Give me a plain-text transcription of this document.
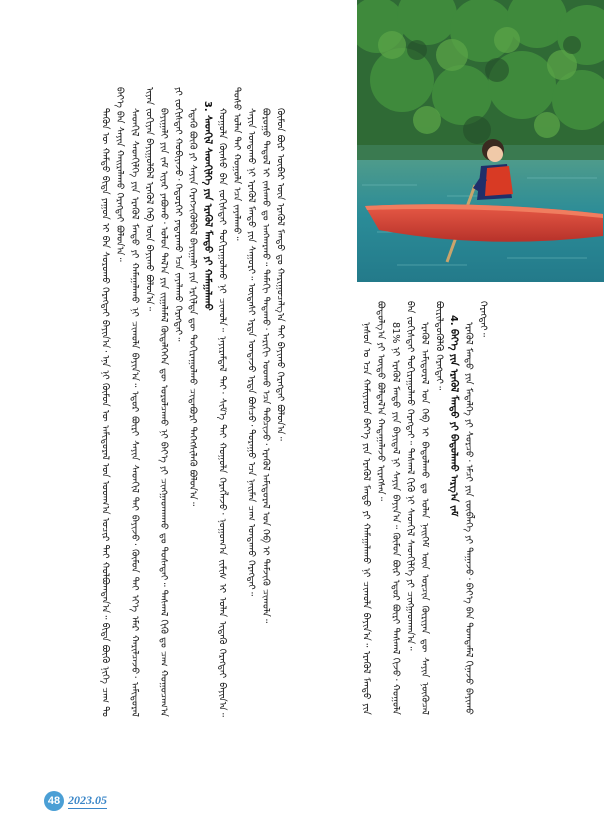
ᠲᠡᠭᠦᠨ ᠦ ᠬᠠᠮᠲᠤ ᠪᠢᠳᠡ ᠶᠠᠭᠤᠨ ᠢ ᠪᠡᠨ ᠰᠤᠷᠤᠬᠤ ᠬᠡᠷᠡᠭᠲᠡᠢ ᠪᠠᠶᠢᠨ᠎ᠠ᠂ ᠡᠨᠡ ᠨᠢ ᠬᠦᠮᠦᠨ ᠦ ᠠᠮᠢᠳᠤᠷᠠᠯ ᠤᠨ ᠤᠳᠬ᠎ᠠ ᠤᠴᠢᠷ ᠲᠠᠢ ᠬᠣᠯᠪᠣᠭᠳᠠᠨ᠎ᠠ᠃ ᠪᠢᠳᠡ ᠪᠦᠬᠦ ᠨᠢᠭᠡ ᠴᠠᠭ ᠲᠤ ᠪᠡᠶ᠎ᠡ ᠪᠡᠨ ᠰᠠᠶᠢᠨ ᠬᠠᠢᠷᠠᠯᠠᠬᠤ ᠬᠡᠷᠡᠭᠲᠡᠢ ᠪᠣᠯᠤᠨ᠎ᠠ᠃ ᠰᠡᠳᠬᠢᠯ ᠰᠡᠳᠬᠢᠯᠭᠡ ᠶᠢᠨ ᠡᠷᠡᠭᠦᠯ ᠮᠡᠨᠳᠦ ᠶᠢ ᠬᠠᠮᠠᠭᠠᠯᠠᠬᠤ ᠨᠢ ᠴᠢᠬᠤᠯᠠ ᠪᠠᠶᠢᠨ᠎ᠠ᠃ ᠡᠳᠦᠷ ᠪᠦᠷᠢ ᠰᠠᠶᠢᠨ ᠰᠡᠳᠬᠢᠯ ᠲᠡᠢ ᠪᠠᠶᠢᠵᠤ᠂ ᠬᠦᠮᠦᠨ ᠲᠡᠢ ᠡᠶ᠎ᠡ ᠡᠮᠡᠷ ᠬᠠᠷᠢᠯᠴᠠᠵᠤ᠂ ᠠᠮᠢᠳᠤᠷᠠᠯ ᠢᠶᠠᠨ ᠵᠣᠬᠢᠶᠠᠨ ᠪᠠᠶᠢᠭᠤᠯᠪᠠᠯ ᠡᠷᠡᠭᠦᠯ ᠬᠡᠪ ᠦᠨ ᠪᠠᠶᠢᠬᠤ ᠪᠣᠯᠤᠨ᠎ᠠ᠃ ᠪᠠᠶᠢᠭᠠᠯᠢ ᠶᠢᠨ ᠵᠠᠮ ᠢᠶᠠᠷ ᠶᠠᠪᠤᠬᠤ᠂ ᠤᠯᠤᠨ ᠲᠠᠯ᠎ᠠ ᠶᠢᠨ ᠵᠢᠭᠠᠯᠠᠮᠠᠯ ᠬᠥᠳᠡᠯᠭᠡᠭᠡᠨ ᠳᠦ ᠣᠷᠤᠯᠴᠠᠬᠤ ᠨᠢ ᠪᠡᠶ᠎ᠡ ᠶᠢ ᠴᠢᠩᠭᠠᠳᠬᠠᠬᠤ ᠳᠤ ᠲᠤᠰᠠᠲᠠᠢ᠃ ᠳᠠᠰᠬᠠᠯ ᠬᠢᠬᠦ ᠳᠤ ᠴᠠᠭ ᠬᠤᠭᠤᠴᠠᠭ᠎ᠠ ᠶᠢ ᠵᠣᠬᠢᠰᠲᠠᠢ ᠬᠤᠪᠢᠶᠠᠵᠤ᠂ ᠬᠡᠲᠦᠷᠬᠡᠢ ᠶᠠᠳᠠᠷᠠᠬᠤ ᠡᠴᠡ ᠵᠠᠶᠠᠯᠠᠬᠤ ᠬᠡᠷᠡᠭᠲᠡᠢ᠃ ᠡᠳᠡᠬᠦ ᠪᠦᠬᠦ ᠶᠢ ᠰᠠᠶᠢᠨ ᠬᠡᠷᠡᠭᠵᠢᠭᠦᠯᠪᠡᠯ ᠪᠠᠶᠢᠭᠠᠯᠢ ᠶᠢᠨ ᠡᠷᠭᠢᠯᠲᠡ ᠳᠦ ᠲᠣᠬᠢᠷᠠᠭᠤᠯᠬᠤ ᠴᠢᠳᠠᠪᠤᠷᠢ ᠳᠡᠭᠡᠭᠰᠢᠯᠡᠬᠦ ᠪᠣᠯᠤᠨ᠎ᠠ᠃ 3. ᠰᠡᠳᠬᠢᠯ ᠰᠡᠳᠬᠢᠯᠭᠡ ᠶᠢᠨ ᠡᠷᠡᠭᠦᠯ ᠮᠡᠨᠳᠦ ᠶᠢ ᠬᠠᠮᠠᠭᠠᠯᠠᠬᠤ ᠬᠣᠭᠣᠯᠠ ᠬᠦᠨᠰᠦ ᠪᠡᠨ ᠵᠣᠬᠢᠰᠲᠠᠢ ᠲᠣᠬᠢᠷᠠᠭᠤᠯᠬᠤ ᠨᠢ ᠴᠢᠬᠤᠯᠠ᠃ ᠨᠠᠶᠢᠷᠠᠮᠳᠠᠯ ᠲᠡᠢ᠂ ᠰᠢᠮ᠎ᠡ ᠲᠡᠢ ᠬᠣᠭᠣᠯᠠ ᠬᠡᠷᠡᠭᠯᠡᠵᠦ᠂ ᠨᠣᠭᠣᠭ᠎ᠠ ᠵᠢᠮᠢᠰ ᠢ ᠣᠯᠠᠨ ᠢᠳᠡᠬᠦ ᠬᠡᠷᠡᠭᠲᠡᠢ ᠪᠠᠶᠢᠨ᠎ᠠ᠃ ᠲᠣᠰᠣ ᠣᠯᠠᠨ ᠲᠠᠢ ᠬᠣᠭᠣᠯᠠ ᠡᠴᠡ ᠵᠠᠶᠠᠯᠠᠬᠤ᠃ ᠰᠠᠶᠢᠨ ᠤᠨᠲᠠᠬᠤ ᠨᠢ ᠡᠷᠡᠭᠦᠯ ᠮᠡᠨᠳᠦ ᠶᠢᠨ ᠰᠠᠭᠤᠷᠢ᠃ ᠦᠳᠡᠰᠢ ᠡᠷᠳᠡ ᠤᠨᠲᠠᠵᠤ ᠡᠷᠲᠡ ᠪᠣᠰᠴᠤ᠂ ᠳᠤᠷᠠᠭᠤ ᠡᠴᠡ ᠨᠠᠢᠮᠠᠨ ᠴᠠᠭ ᠤᠨᠲᠠᠬᠤ ᠬᠡᠷᠡᠭᠲᠡᠢ᠃ ᠪᠤᠷᠤᠭᠤ ᠳᠠᠳᠤᠯ ᠢ ᠵᠠᠰᠠᠬᠤ ᠳᠤ ᠠᠩᠬᠠᠷᠬᠤ᠃ ᠲᠠᠮᠠᠬᠢ ᠲᠠᠲᠠᠬᠤ᠂ ᠠᠷᠢᠬᠢ ᠤᠤᠬᠤ ᠡᠴᠡ ᠲᠡᠪᠴᠢᠵᠦ᠂ ᠡᠷᠡᠭᠦᠯ ᠠᠮᠢᠳᠤᠷᠠᠯ ᠤᠨ ᠬᠡᠪ ᠢ ᠳᠡᠮᠵᠢᠬᠦ ᠴᠢᠬᠤᠯᠠ᠃ ᠬᠦᠮᠦᠨ ᠪᠦᠷ ᠥᠪᠡᠷ ᠦᠨ ᠡᠷᠡᠭᠦᠯ ᠮᠡᠨᠳᠦ ᠳᠤ ᠬᠠᠷᠢᠭᠤᠴᠠᠯᠭ᠎ᠠ ᠲᠠᠢ ᠪᠠᠶᠢᠬᠤ ᠬᠡᠷᠡᠭᠲᠡᠢ ᠪᠣᠯᠤᠨ᠎ᠠ᠃

ᠨᠠᠰᠤᠨ ᠤ ᠡᠴᠡ ᠬᠠᠮᠢᠶᠠᠷᠤᠨ ᠪᠡᠶ᠎ᠡ ᠶᠢᠨ ᠡᠷᠡᠭᠦᠯ ᠮᠡᠨᠳᠦ ᠶᠢ ᠬᠠᠮᠠᠭᠠᠯᠠᠬᠤ ᠨᠢ ᠴᠢᠬᠤᠯᠠ ᠪᠠᠶᠢᠨ᠎ᠠ᠃ ᠡᠷᠡᠭᠦᠯ ᠮᠡᠨᠳᠦ ᠶᠢᠨ ᠪᠣᠳᠣᠯᠭ᠎ᠠ ᠶᠢ ᠥᠳᠦ ᠪᠣᠯᠲᠠᠯ᠎ᠠ ᠬᠠᠳᠠᠭᠠᠯᠠᠵᠤ ᠢᠷᠡᠭᠰᠡᠨ᠃ 81% ᠨᠢ ᠡᠷᠡᠭᠦᠯ ᠮᠡᠨᠳᠦ ᠶᠢᠨ ᠪᠠᠶᠢᠳᠠᠯ ᠨᠢ ᠰᠠᠶᠢᠨ ᠪᠠᠶᠢᠨ᠎ᠠ᠃ ᠬᠦᠮᠦᠨ ᠪᠦᠷ ᠡᠳᠦᠷ ᠪᠦᠷᠢ ᠳᠠᠰᠬᠠᠯ ᠬᠢᠵᠦ᠂ ᠬᠣᠭᠣᠯᠠ ᠪᠡᠨ ᠵᠣᠬᠢᠰᠲᠠᠢ ᠲᠣᠬᠢᠷᠠᠭᠤᠯᠬᠤ ᠬᠡᠷᠡᠭᠲᠡᠢ᠃ ᠳᠠᠰᠬᠠᠯ ᠬᠢᠬᠦ ᠨᠢ ᠰᠡᠳᠬᠢᠯ ᠰᠡᠳᠬᠢᠯᠭᠡ ᠶᠢ ᠴᠢᠩᠭᠠᠳᠬᠠᠨ᠎ᠠ᠃ ᠡᠷᠡᠭᠦᠯ ᠠᠮᠢᠳᠤᠷᠠᠯ ᠤᠨ ᠬᠡᠪ ᠢ ᠪᠠᠲᠤᠯᠠᠬᠤ ᠳᠤ ᠣᠯᠠᠨ ᠨᠡᠢᠭᠡᠮ ᠦᠨ ᠣᠷᠴᠢᠨ ᠬᠦᠷᠢᠶᠡᠨ ᠳᠦ ᠰᠠᠶᠢᠨ ᠨᠥᠬᠦᠴᠡᠯ ᠪᠦᠷᠢᠯᠳᠦᠭᠦᠯᠬᠦ ᠬᠡᠷᠡᠭᠲᠡᠢ᠃ 4. ᠪᠡᠶ᠎ᠡ ᠶᠢᠨ ᠡᠷᠡᠭᠦᠯ ᠮᠡᠨᠳᠦ ᠶᠢ ᠪᠠᠲᠤᠯᠠᠬᠤ ᠠᠷᠭ᠎ᠠ ᠵᠠᠮ ᠡᠷᠡᠭᠦᠯ ᠮᠡᠨᠳᠦ ᠶᠢᠨ ᠮᠡᠳᠡᠯᠭᠡ ᠶᠢ ᠰᠤᠷᠴᠤ᠂ ᠡᠮᠴᠢ ᠶᠢᠨ ᠵᠦᠪᠯᠡᠭᠡ ᠶᠢ ᠳᠠᠭᠠᠵᠤ᠂ ᠪᠡᠶ᠎ᠡ ᠪᠡᠨ ᠲᠣᠭᠲᠠᠮᠠᠯ ᠬᠢᠨᠠᠵᠤ ᠪᠠᠶᠢᠬᠤ ᠬᠡᠷᠡᠭᠲᠡᠢ᠃

48 2023.05
